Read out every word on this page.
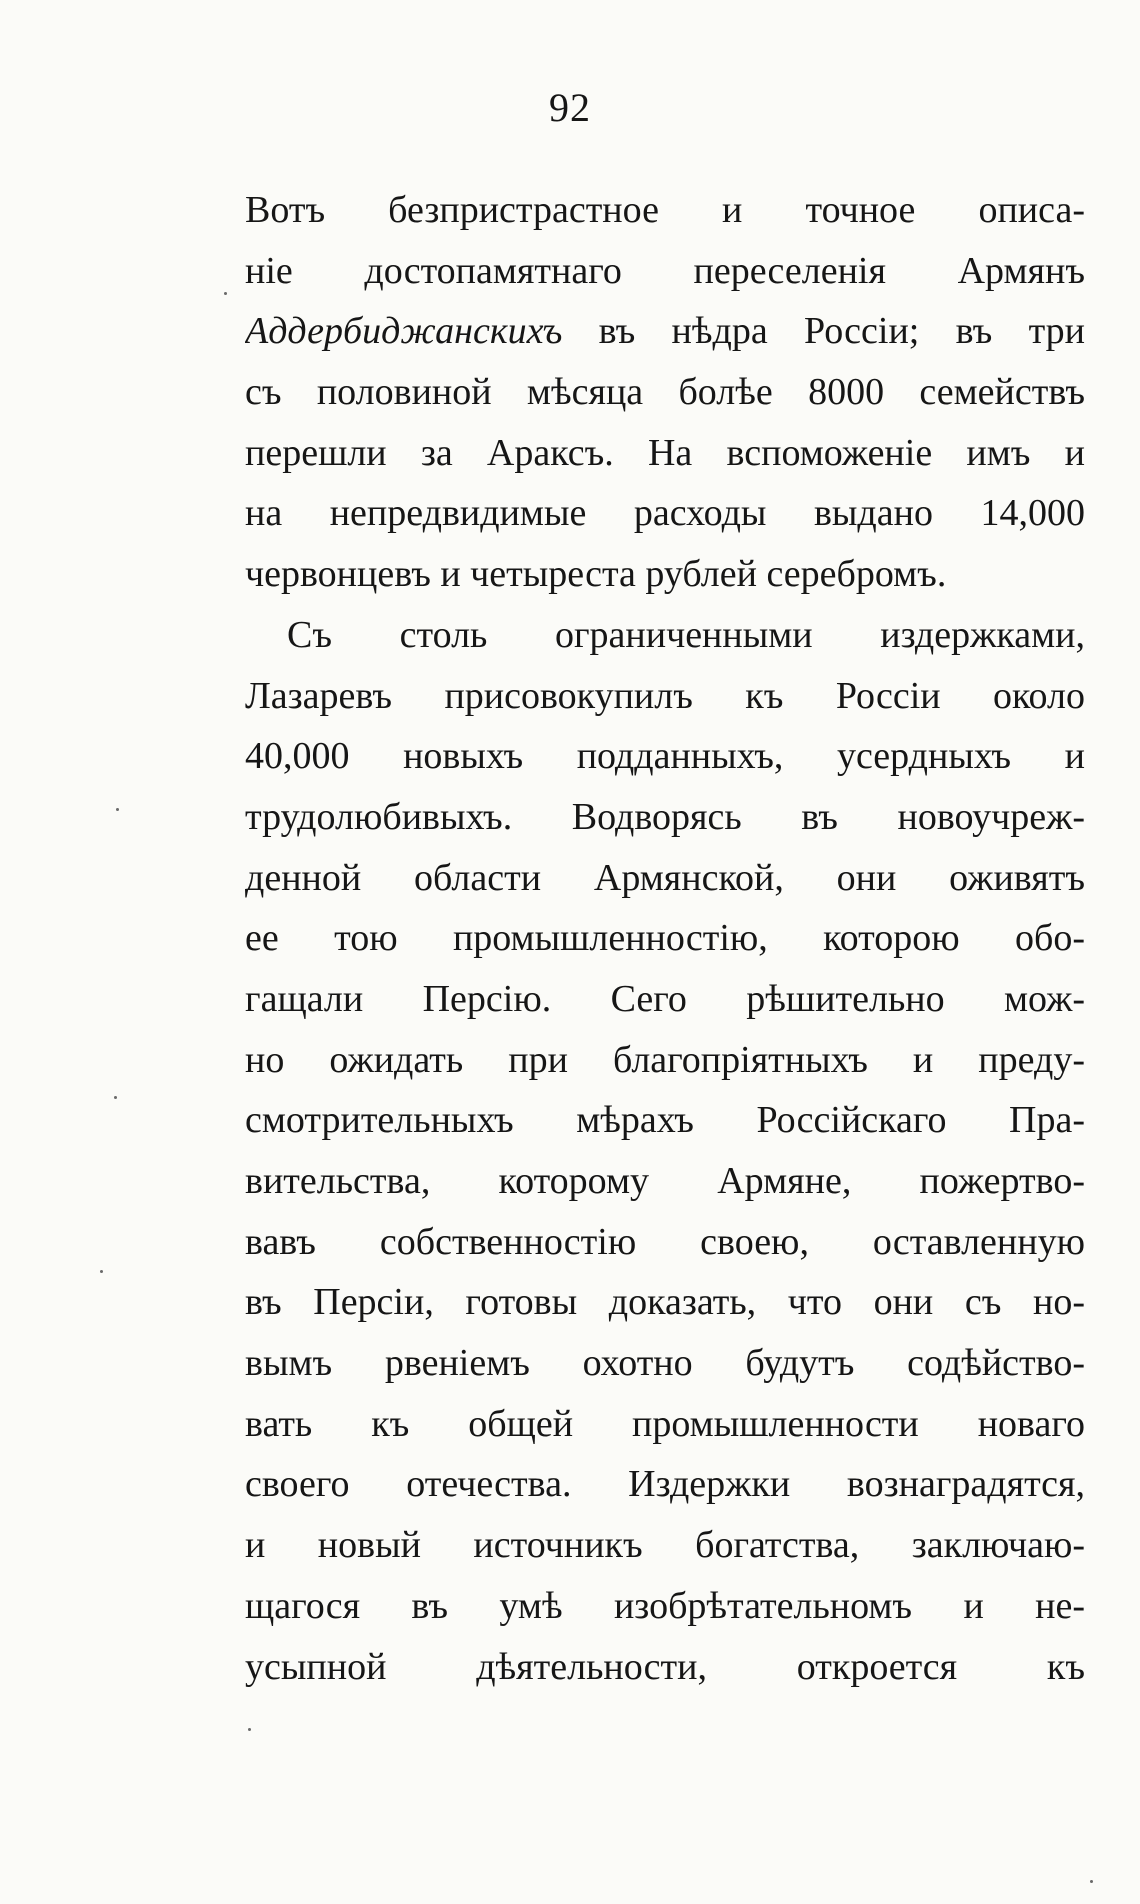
92
Вотъ безпристрастное и точное описа-
ніе достопамятнаго переселенія Армянъ
Аддербиджанскихъ въ нѣдра Россіи; въ три
съ половиной мѣсяца болѣе 8000 семействъ
перешли за Араксъ. На вспоможеніе имъ и
на непредвидимые расходы выдано 14,000
червонцевъ и четыреста рублей серебромъ.
Съ столь ограниченными издержками,
Лазаревъ присовокупилъ къ Россіи около
40,000 новыхъ подданныхъ, усердныхъ и
трудолюбивыхъ. Водворясь въ новоучреж-
денной области Армянской, они оживятъ
ее тою промышленностію, которою обо-
гащали Персію. Сего рѣшительно мож-
но ожидать при благопріятныхъ и преду-
смотрительныхъ мѣрахъ Россійскаго Пра-
вительства, которому Армяне, пожертво-
вавъ собственностію своею, оставленную
въ Персіи, готовы доказать, что они съ но-
вымъ рвеніемъ охотно будутъ содѣйство-
вать къ общей промышленности новаго
своего отечества. Издержки вознаградятся,
и новый источникъ богатства, заключаю-
щагося въ умѣ изобрѣтательномъ и не-
усыпной дѣятельности, откроется къ
